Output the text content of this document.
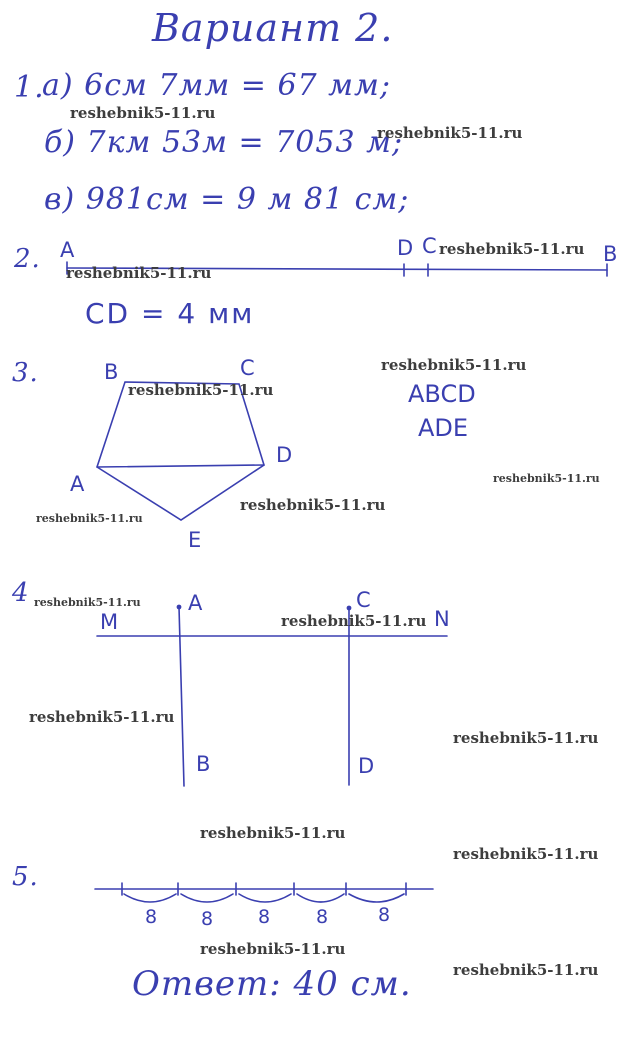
Вариант 2.
1.
а) 6см 7мм = 67 мм;
б) 7км 53м = 7053 м;
в) 981см = 9 м 81 см;
2. A	D C	B
CD = 4 мм
3.	B	C
D
A
E
ABCD
ADE
4	A	C
M	N
B	D
5.
8 8 8 8	8
Ответ: 40 см.
reshebnik5-11.ru
reshebnik5-11.ru
reshebnik5-11.ru
reshebnik5-11.ru
reshebnik5-11.ru
reshebnik5-11.ru
reshebnik5-11.ru
reshebnik5-11.ru
reshebnik5-11.ru
reshebnik5-11.ru
reshebnik5-11.ru
reshebnik5-11.ru
reshebnik5-11.ru
reshebnik5-11.ru
reshebnik5-11.ru
reshebnik5-11.ru
reshebnik5-11.ru
